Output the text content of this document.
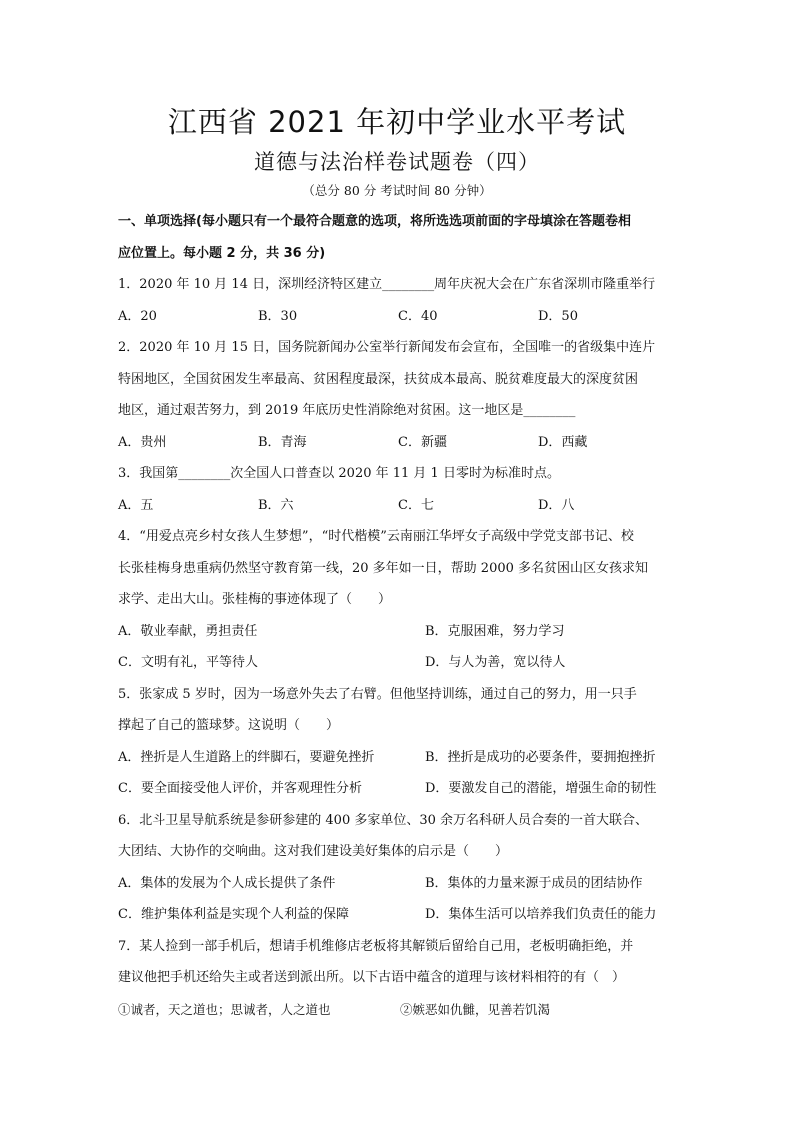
江西省 2021 年初中学业水平考试
道德与法治样卷试题卷（四）
（总分 80 分 考试时间 80 分钟）
一、单项选择(每小题只有一个最符合题意的选项，将所选选项前面的字母填涂在答题卷相
应位置上。每小题 2 分，共 36 分)
1．2020 年 10 月 14 日，深圳经济特区建立________周年庆祝大会在广东省深圳市隆重举行
A．20	B．30	C．40	D．50
2．2020 年 10 月 15 日，国务院新闻办公室举行新闻发布会宣布，全国唯一的省级集中连片
特困地区，全国贫困发生率最高、贫困程度最深，扶贫成本最高、脱贫难度最大的深度贫困
地区，通过艰苦努力，到 2019 年底历史性消除绝对贫困。这一地区是________
A．贵州	B．青海	C．新疆	D．西藏
3．我国第________次全国人口普查以 2020 年 11 月 1 日零时为标准时点。
A．五	B．六	C．七	D．八
4．“用爱点亮乡村女孩人生梦想”，“时代楷模”云南丽江华坪女子高级中学党支部书记、校
长张桂梅身患重病仍然坚守教育第一线，20 多年如一日，帮助 2000 多名贫困山区女孩求知
求学、走出大山。张桂梅的事迹体现了（　　）
A．敬业奉献，勇担责任	B．克服困难，努力学习
C．文明有礼，平等待人	D．与人为善，宽以待人
5．张家成 5 岁时，因为一场意外失去了右臂。但他坚持训练，通过自己的努力，用一只手
撑起了自己的篮球梦。这说明（　　）
A．挫折是人生道路上的绊脚石，要避免挫折	B．挫折是成功的必要条件，要拥抱挫折
C．要全面接受他人评价，并客观理性分析	D．要激发自己的潜能，增强生命的韧性
6．北斗卫星导航系统是参研参建的 400 多家单位、30 余万名科研人员合奏的一首大联合、
大团结、大协作的交响曲。这对我们建设美好集体的启示是（　　）
A．集体的发展为个人成长提供了条件	B．集体的力量来源于成员的团结协作
C．维护集体利益是实现个人利益的保障	D．集体生活可以培养我们负责任的能力
7．某人捡到一部手机后，想请手机维修店老板将其解锁后留给自己用，老板明确拒绝，并
建议他把手机还给失主或者送到派出所。以下古语中蕴含的道理与该材料相符的有（　）
①诚者，天之道也；思诚者，人之道也	②嫉恶如仇雠，见善若饥渴
